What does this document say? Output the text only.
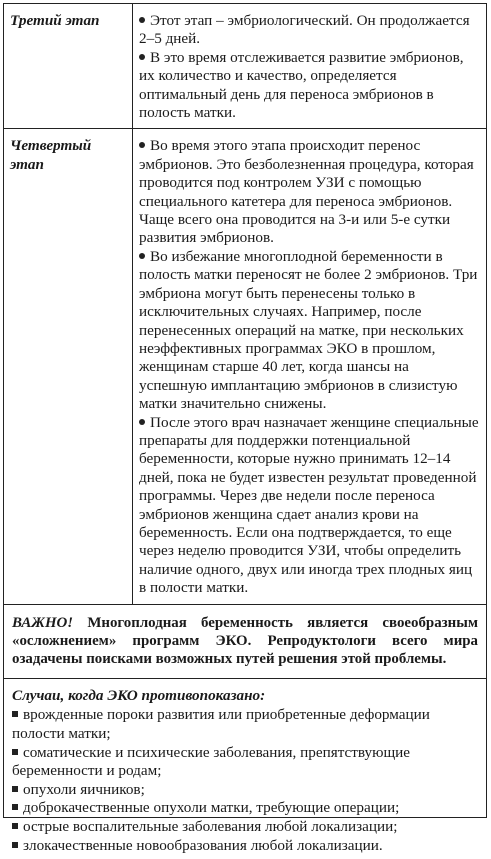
Третий этап	Этот этап – эмбриологический. Он продолжается 2–5 дней.

В это время отслеживается развитие эмбрионов, их количество и качество, определяется оптимальный день для переноса эмбрионов в полость матки.

Четвертый этап	Во время этого этапа происходит перенос эмбрионов. Это безболезненная процедура, которая проводится под контролем УЗИ с помощью специального катетера для переноса эмбрионов. Чаще всего она проводится на 3-и или 5-е сутки развития эмбрионов.

Во избежание многоплодной беременности в полость матки переносят не более 2 эмбрионов. Три эмбриона могут быть перенесены только в исключительных случаях. Например, после перенесенных операций на матке, при нескольких неэффективных программах ЭКО в прошлом, женщинам старше 40 лет, когда шансы на успешную имплантацию эмбрионов в слизистую матки значительно снижены.

После этого врач назначает женщине специальные препараты для поддержки потенциальной беременности, которые нужно принимать 12–14 дней, пока не будет известен результат проведенной программы. Через две недели после переноса эмбрионов женщина сдает анализ крови на беременность. Если она подтверждается, то еще через неделю проводится УЗИ, чтобы определить наличие одного, двух или иногда трех плодных яиц в полости матки.

ВАЖНО! Многоплодная беременность является своеобразным «осложнением» программ ЭКО. Репродуктологи всего мира озадачены поисками возможных путей решения этой проблемы.

Случаи, когда ЭКО противопоказано:

врожденные пороки развития или приобретенные деформации полости матки;
соматические и психические заболевания, препятствующие беременности и родам;
опухоли яичников;
доброкачественные опухоли матки, требующие операции;
острые воспалительные заболевания любой локализации;
злокачественные новообразования любой локализации.
